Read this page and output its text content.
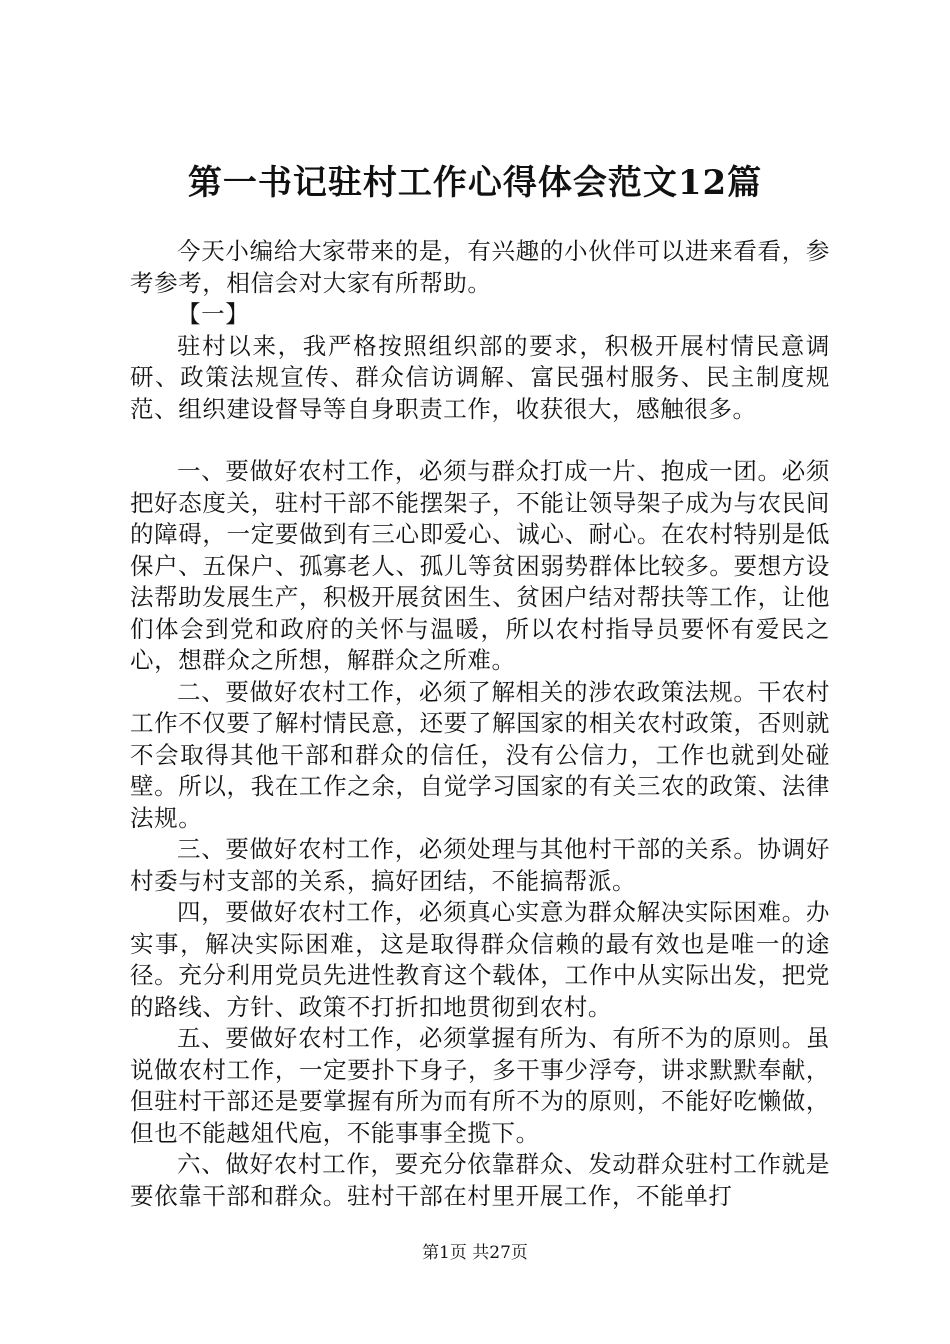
第一书记驻村工作心得体会范文12篇

今天小编给大家带来的是，有兴趣的小伙伴可以进来看看，参考参考，相信会对大家有所帮助。

【一】

驻村以来，我严格按照组织部的要求，积极开展村情民意调研、政策法规宣传、群众信访调解、富民强村服务、民主制度规范、组织建设督导等自身职责工作，收获很大，感触很多。

一、要做好农村工作，必须与群众打成一片、抱成一团。必须把好态度关，驻村干部不能摆架子，不能让领导架子成为与农民间的障碍，一定要做到有三心即爱心、诚心、耐心。在农村特别是低保户、五保户、孤寡老人、孤儿等贫困弱势群体比较多。要想方设法帮助发展生产，积极开展贫困生、贫困户结对帮扶等工作，让他们体会到党和政府的关怀与温暖，所以农村指导员要怀有爱民之心，想群众之所想，解群众之所难。

二、要做好农村工作，必须了解相关的涉农政策法规。干农村工作不仅要了解村情民意，还要了解国家的相关农村政策，否则就不会取得其他干部和群众的信任，没有公信力，工作也就到处碰壁。所以，我在工作之余，自觉学习国家的有关三农的政策、法律法规。

三、要做好农村工作，必须处理与其他村干部的关系。协调好村委与村支部的关系，搞好团结，不能搞帮派。

四，要做好农村工作，必须真心实意为群众解决实际困难。办实事，解决实际困难，这是取得群众信赖的最有效也是唯一的途径。充分利用党员先进性教育这个载体，工作中从实际出发，把党的路线、方针、政策不打折扣地贯彻到农村。

五、要做好农村工作，必须掌握有所为、有所不为的原则。虽说做农村工作，一定要扑下身子，多干事少浮夸，讲求默默奉献，但驻村干部还是要掌握有所为而有所不为的原则，不能好吃懒做，但也不能越俎代庖，不能事事全揽下。

六、做好农村工作，要充分依靠群众、发动群众驻村工作就是要依靠干部和群众。驻村干部在村里开展工作，不能单打

第1页 共27页
